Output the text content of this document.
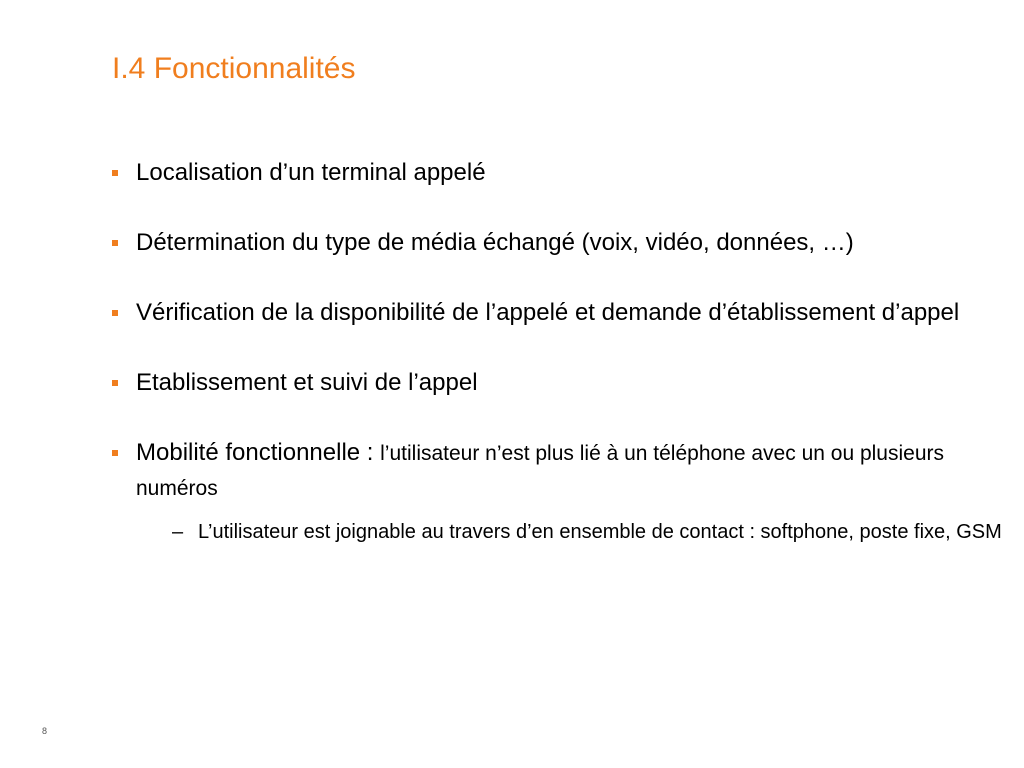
I.4 Fonctionnalités
Localisation d’un terminal appelé
Détermination du type de média échangé (voix, vidéo, données, …)
Vérification de la disponibilité de l’appelé et demande d’établissement d’appel
Etablissement et suivi de l’appel
Mobilité fonctionnelle : l’utilisateur n’est plus lié à un téléphone avec un ou plusieurs numéros
– L’utilisateur est joignable au travers d’en ensemble de contact : softphone, poste fixe, GSM
8
